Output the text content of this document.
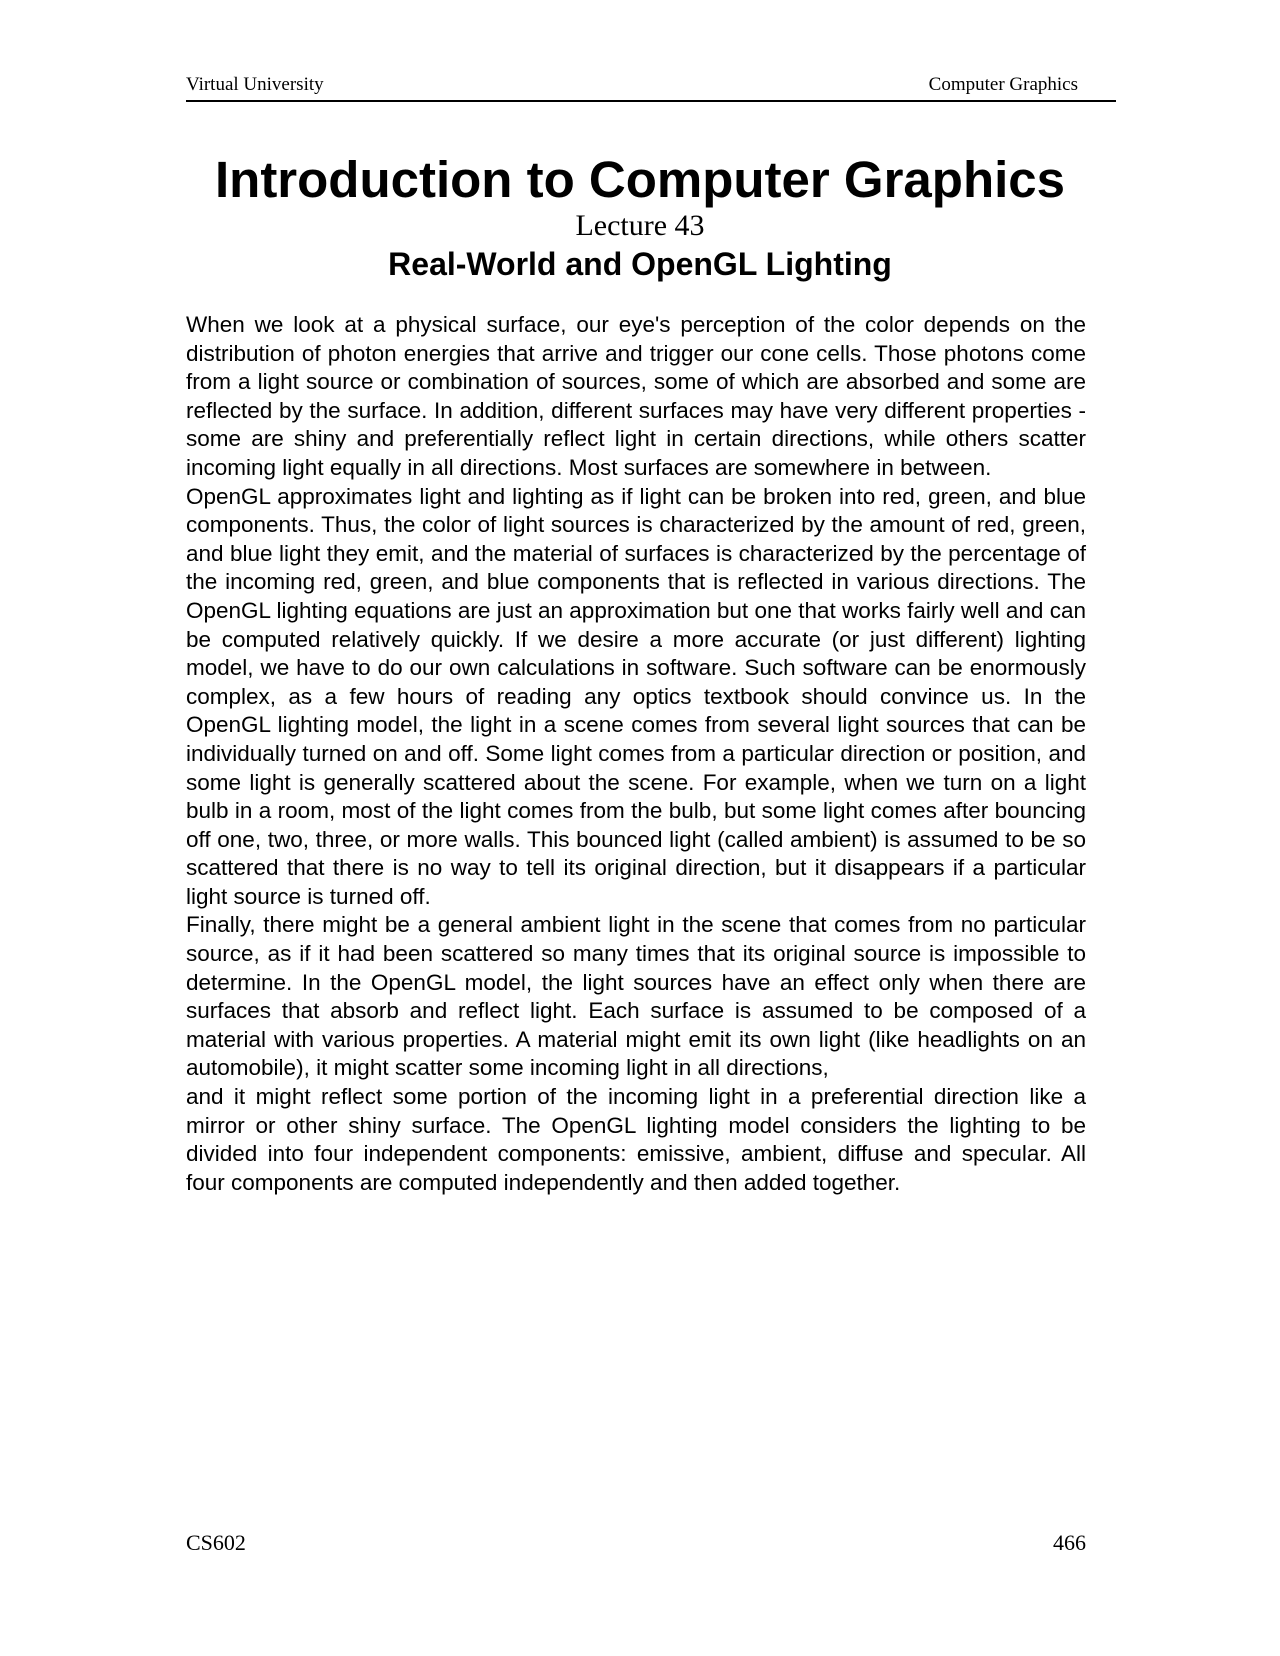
Virtual University	Computer Graphics
Introduction to Computer Graphics
Lecture 43
Real-World and OpenGL Lighting

When we look at a physical surface, our eye's perception of the color depends on the distribution of photon energies that arrive and trigger our cone cells. Those photons come from a light source or combination of sources, some of which are absorbed and some are reflected by the surface. In addition, different surfaces may have very different properties - some are shiny and preferentially reflect light in certain directions, while others scatter incoming light equally in all directions. Most surfaces are somewhere in between.

OpenGL approximates light and lighting as if light can be broken into red, green, and blue components. Thus, the color of light sources is characterized by the amount of red, green, and blue light they emit, and the material of surfaces is characterized by the percentage of the incoming red, green, and blue components that is reflected in various directions. The OpenGL lighting equations are just an approximation but one that works fairly well and can be computed relatively quickly. If we desire a more accurate (or just different) lighting model, we have to do our own calculations in software. Such software can be enormously complex, as a few hours of reading any optics textbook should convince us. In the OpenGL lighting model, the light in a scene comes from several light sources that can be individually turned on and off. Some light comes from a particular direction or position, and some light is generally scattered about the scene. For example, when we turn on a light bulb in a room, most of the light comes from the bulb, but some light comes after bouncing off one, two, three, or more walls. This bounced light (called ambient) is assumed to be so scattered that there is no way to tell its original direction, but it disappears if a particular light source is turned off.

Finally, there might be a general ambient light in the scene that comes from no particular source, as if it had been scattered so many times that its original source is impossible to determine. In the OpenGL model, the light sources have an effect only when there are surfaces that absorb and reflect light. Each surface is assumed to be composed of a material with various properties. A material might emit its own light (like headlights on an automobile), it might scatter some incoming light in all directions,

and it might reflect some portion of the incoming light in a preferential direction like a mirror or other shiny surface. The OpenGL lighting model considers the lighting to be divided into four independent components: emissive, ambient, diffuse and specular. All four components are computed independently and then added together.

CS602	466
